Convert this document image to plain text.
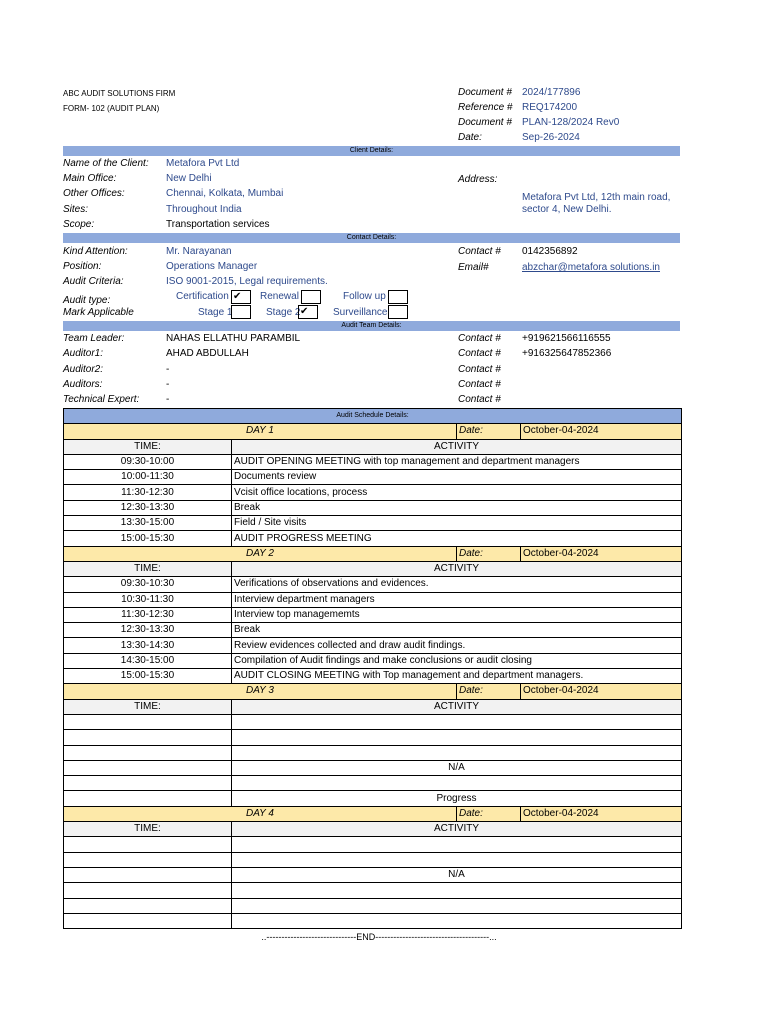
ABC AUDIT SOLUTIONS FIRM
FORM- 102 (AUDIT PLAN)
Document # 2024/177896
Reference # REQ174200
Document # PLAN-128/2024 Rev0
Date:	Sep-26-2024
Client Details:
Name of the Client: Metafora Pvt Ltd
Main Office:	New Delhi
Other Offices:	Chennai, Kolkata, Mumbai
Sites:	Throughout India
Scope:	Transportation services
Address:
Metafora Pvt Ltd, 12th main road,
sector 4, New Delhi.
Contact Details:
Kind Attention:	Mr. Narayanan
Position:	Operations Manager
Audit Criteria:	ISO 9001-2015, Legal requirements.
Contact # 0142356892
Email#	abzchar@metafora solutions.in
Audit type:
Mark Applicable
Certification ✔	Renewal	Follow up
Stage 1	Stage 2 ✔	Surveillance
Audit Team Details:
Team Leader:	NAHAS ELLATHU PARAMBIL	Contact # +919621566116555
Auditor1:	AHAD ABDULLAH	Contact # +916325647852366
Auditor2:	-	Contact #
Auditors:	-	Contact #
Technical Expert:	-	Contact #
Audit Schedule Details:			
DAY 1		Date:	October-04-2024
TIME:	ACTIVITY		
09:30-10:00	AUDIT OPENING MEETING with top management and department managers		
10:00-11:30	Documents review		
11:30-12:30	Vcisit office locations, process		
12:30-13:30	Break		
13:30-15:00	Field / Site visits		
15:00-15:30	AUDIT PROGRESS MEETING		
DAY 2		Date:	October-04-2024
TIME:	ACTIVITY		
09:30-10:30	Verifications of observations and evidences.		
10:30-11:30	Interview department managers		
11:30-12:30	Interview top managememts		
12:30-13:30	Break		
13:30-14:30	Review evidences collected and draw audit findings.		
14:30-15:00	Compilation of Audit findings and make conclusions or audit closing		
15:00-15:30	AUDIT CLOSING MEETING with Top management and department managers.		
DAY 3		Date:	October-04-2024
TIME:	ACTIVITY		

	N/A		

	Progress		
DAY 4		Date:	October-04-2024
TIME:	ACTIVITY		

	N/A		

..------------------------------END--------------------------------------...
